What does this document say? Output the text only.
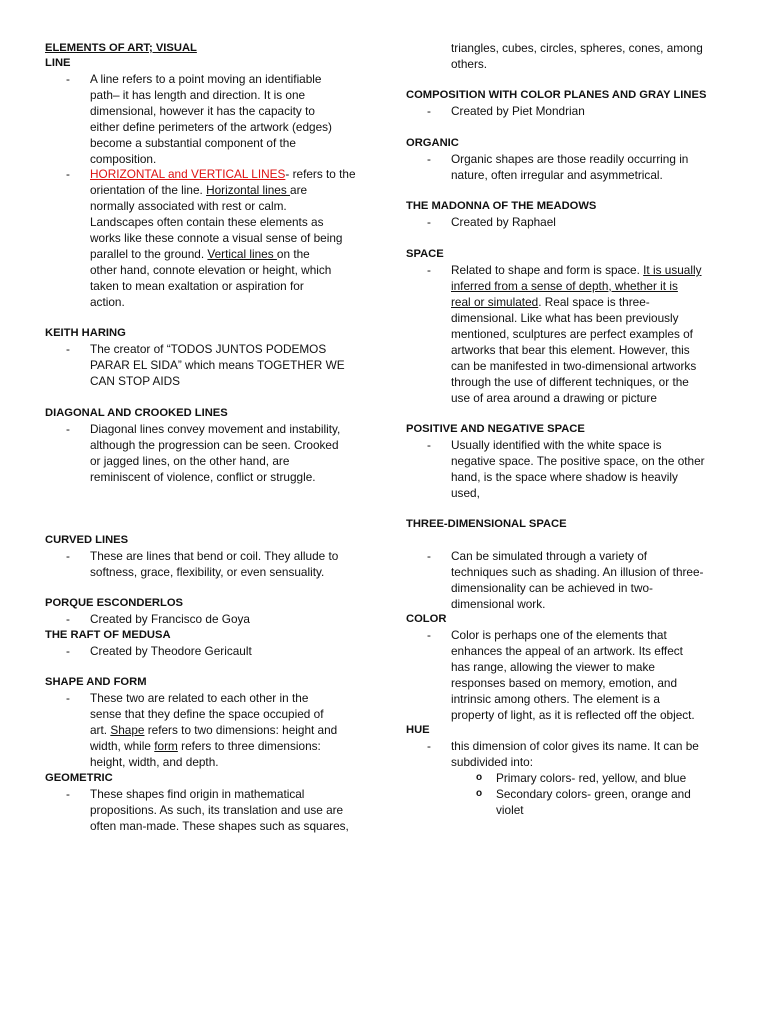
ELEMENTS OF ART; VISUAL
LINE
- A line refers to a point moving an identifiable
path– it has length and direction. It is one
dimensional, however it has the capacity to
either define perimeters of the artwork (edges)
become a substantial component of the
composition.
- HORIZONTAL and VERTICAL LINES- refers to the
orientation of the line. Horizontal lines are
normally associated with rest or calm.
Landscapes often contain these elements as
works like these connote a visual sense of being
parallel to the ground. Vertical lines on the
other hand, connote elevation or height, which
taken to mean exaltation or aspiration for
action.
KEITH HARING
- The creator of “TODOS JUNTOS PODEMOS
PARAR EL SIDA” which means TOGETHER WE
CAN STOP AIDS
DIAGONAL AND CROOKED LINES
- Diagonal lines convey movement and instability,
although the progression can be seen. Crooked
or jagged lines, on the other hand, are
reminiscent of violence, conflict or struggle.
CURVED LINES
- These are lines that bend or coil. They allude to
softness, grace, flexibility, or even sensuality.
PORQUE ESCONDERLOS
- Created by Francisco de Goya
THE RAFT OF MEDUSA
- Created by Theodore Gericault
SHAPE AND FORM
- These two are related to each other in the
sense that they define the space occupied of
art. Shape refers to two dimensions: height and
width, while form refers to three dimensions:
height, width, and depth.
GEOMETRIC
- These shapes find origin in mathematical
propositions. As such, its translation and use are
often man-made. These shapes such as squares,
triangles, cubes, circles, spheres, cones, among
others.
COMPOSITION WITH COLOR PLANES AND GRAY LINES
- Created by Piet Mondrian
ORGANIC
- Organic shapes are those readily occurring in
nature, often irregular and asymmetrical.
THE MADONNA OF THE MEADOWS
- Created by Raphael
SPACE
- Related to shape and form is space. It is usually
inferred from a sense of depth, whether it is
real or simulated. Real space is three-
dimensional. Like what has been previously
mentioned, sculptures are perfect examples of
artworks that bear this element. However, this
can be manifested in two-dimensional artworks
through the use of different techniques, or the
use of area around a drawing or picture
POSITIVE AND NEGATIVE SPACE
- Usually identified with the white space is
negative space. The positive space, on the other
hand, is the space where shadow is heavily
used,
THREE-DIMENSIONAL SPACE
- Can be simulated through a variety of
techniques such as shading. An illusion of three-
dimensionality can be achieved in two-
dimensional work.
COLOR
- Color is perhaps one of the elements that
enhances the appeal of an artwork. Its effect
has range, allowing the viewer to make
responses based on memory, emotion, and
intrinsic among others. The element is a
property of light, as it is reflected off the object.
HUE
- this dimension of color gives its name. It can be
subdivided into:
o Primary colors- red, yellow, and blue
o Secondary colors- green, orange and
violet
